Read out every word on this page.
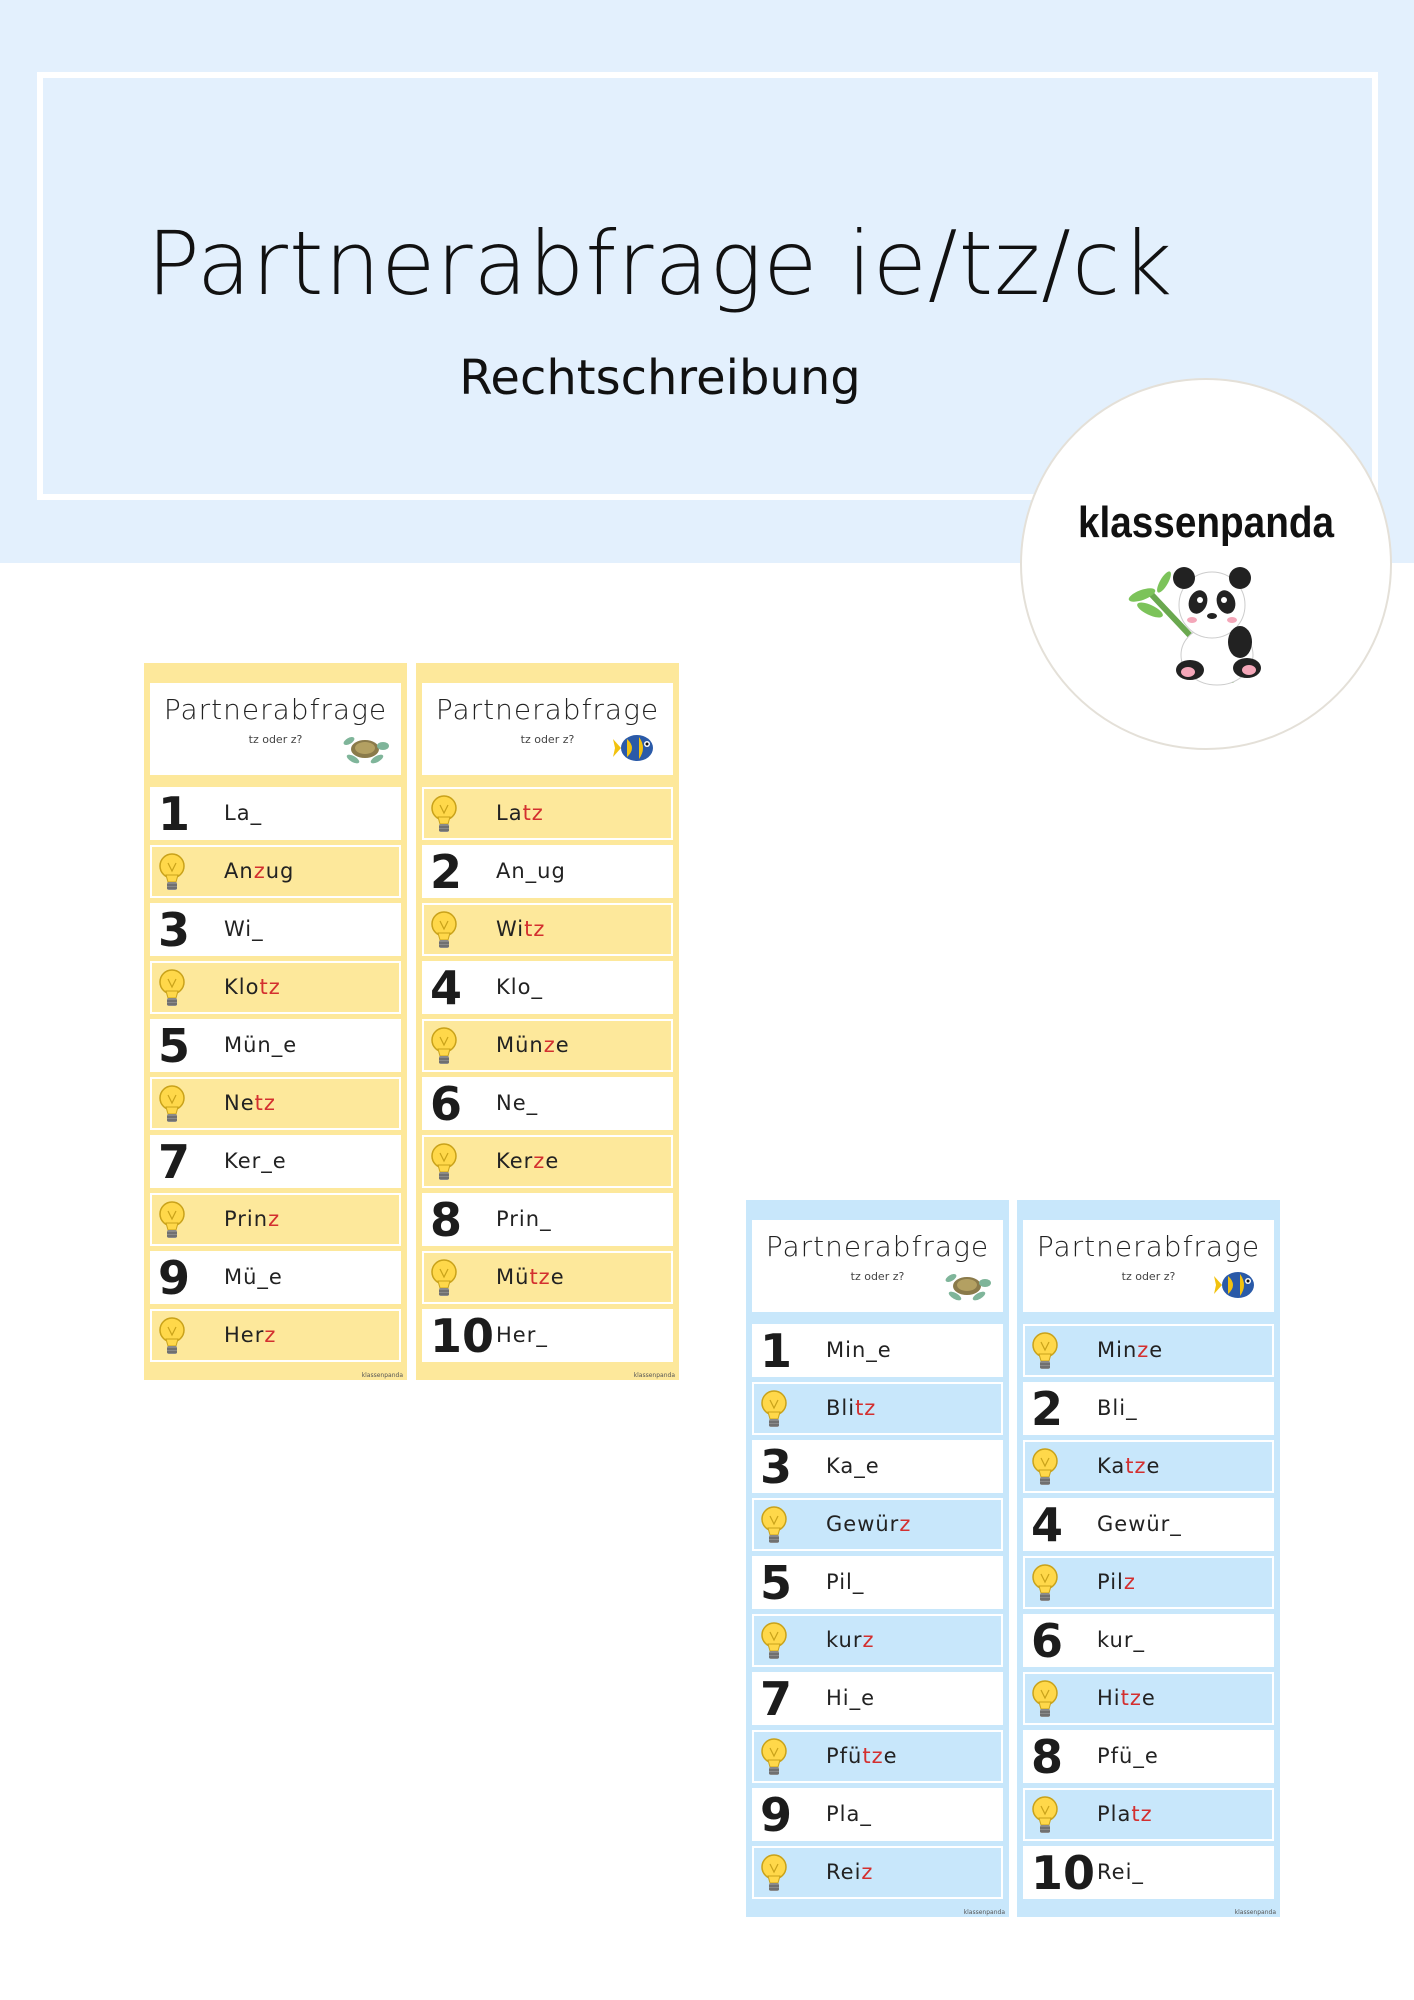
Partnerabfrage ie/tz/ck
Rechtschreibung
klassenpanda
Partnerabfrage
tz oder z?
1	La_
Anzug
3	Wi_
Klotz
5	Mün_e
Netz
7	Ker_e
Prinz
9	Mü_e
Herz
klassenpanda
Partnerabfrage
tz oder z?
Latz
2	An_ug
Witz
4	Klo_
Münze
6	Ne_
Kerze
8	Prin_
Mütze
10 Her_
klassenpanda
Partnerabfrage
tz oder z?
1	Min_e
Blitz
3	Ka_e
Gewürz
5	Pil_
kurz
7	Hi_e
Pfütze
9	Pla_
Reiz
klassenpanda
Partnerabfrage
tz oder z?
Minze
2	Bli_
Katze
4	Gewür_
Pilz
6	kur_
Hitze
8	Pfü_e
Platz
10 Rei_
klassenpanda
